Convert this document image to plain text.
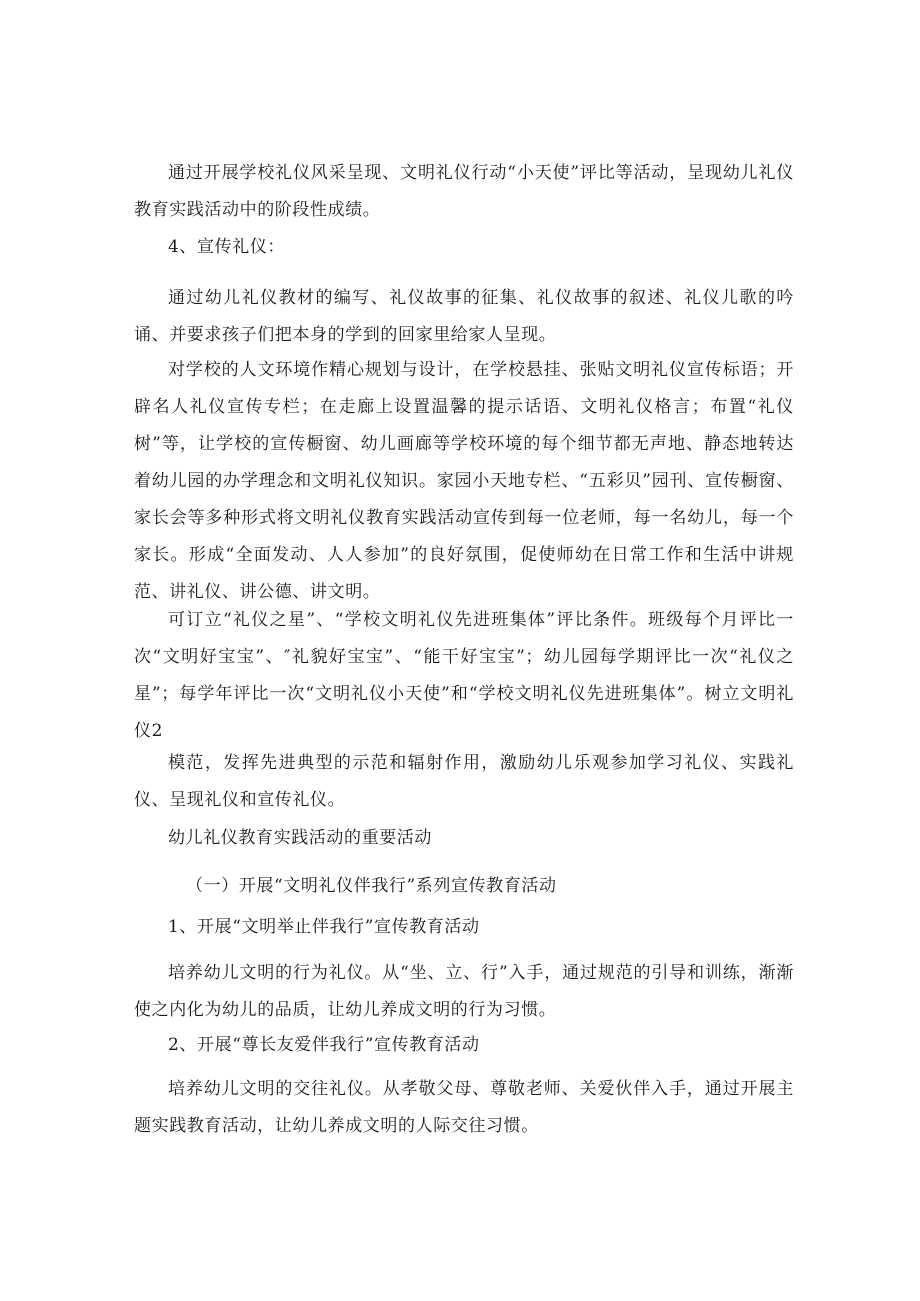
通过开展学校礼仪风采呈现、文明礼仪行动“小天使”评比等活动，呈现幼儿礼仪教育实践活动中的阶段性成绩。

4、宣传礼仪：

通过幼儿礼仪教材的编写、礼仪故事的征集、礼仪故事的叙述、礼仪儿歌的吟诵、并要求孩子们把本身的学到的回家里给家人呈现。

对学校的人文环境作精心规划与设计，在学校悬挂、张贴文明礼仪宣传标语；开辟名人礼仪宣传专栏；在走廊上设置温馨的提示话语、文明礼仪格言；布置“礼仪树”等，让学校的宣传橱窗、幼儿画廊等学校环境的每个细节都无声地、静态地转达着幼儿园的办学理念和文明礼仪知识。家园小天地专栏、“五彩贝”园刊、宣传橱窗、家长会等多种形式将文明礼仪教育实践活动宣传到每一位老师，每一名幼儿，每一个家长。形成“全面发动、人人参加”的良好氛围，促使师幼在日常工作和生活中讲规范、讲礼仪、讲公德、讲文明。

可订立“礼仪之星”、“学校文明礼仪先进班集体”评比条件。班级每个月评比一次“文明好宝宝”、″礼貌好宝宝”、“能干好宝宝”；幼儿园每学期评比一次“礼仪之星”；每学年评比一次“文明礼仪小天使”和“学校文明礼仪先进班集体”。树立文明礼仪2

模范，发挥先进典型的示范和辐射作用，激励幼儿乐观参加学习礼仪、实践礼仪、呈现礼仪和宣传礼仪。

幼儿礼仪教育实践活动的重要活动

（一）开展“文明礼仪伴我行”系列宣传教育活动

1、开展“文明举止伴我行”宣传教育活动

培养幼儿文明的行为礼仪。从“坐、立、行”入手，通过规范的引导和训练，渐渐使之内化为幼儿的品质，让幼儿养成文明的行为习惯。

2、开展“尊长友爱伴我行”宣传教育活动

培养幼儿文明的交往礼仪。从孝敬父母、尊敬老师、关爱伙伴入手，通过开展主题实践教育活动，让幼儿养成文明的人际交往习惯。
